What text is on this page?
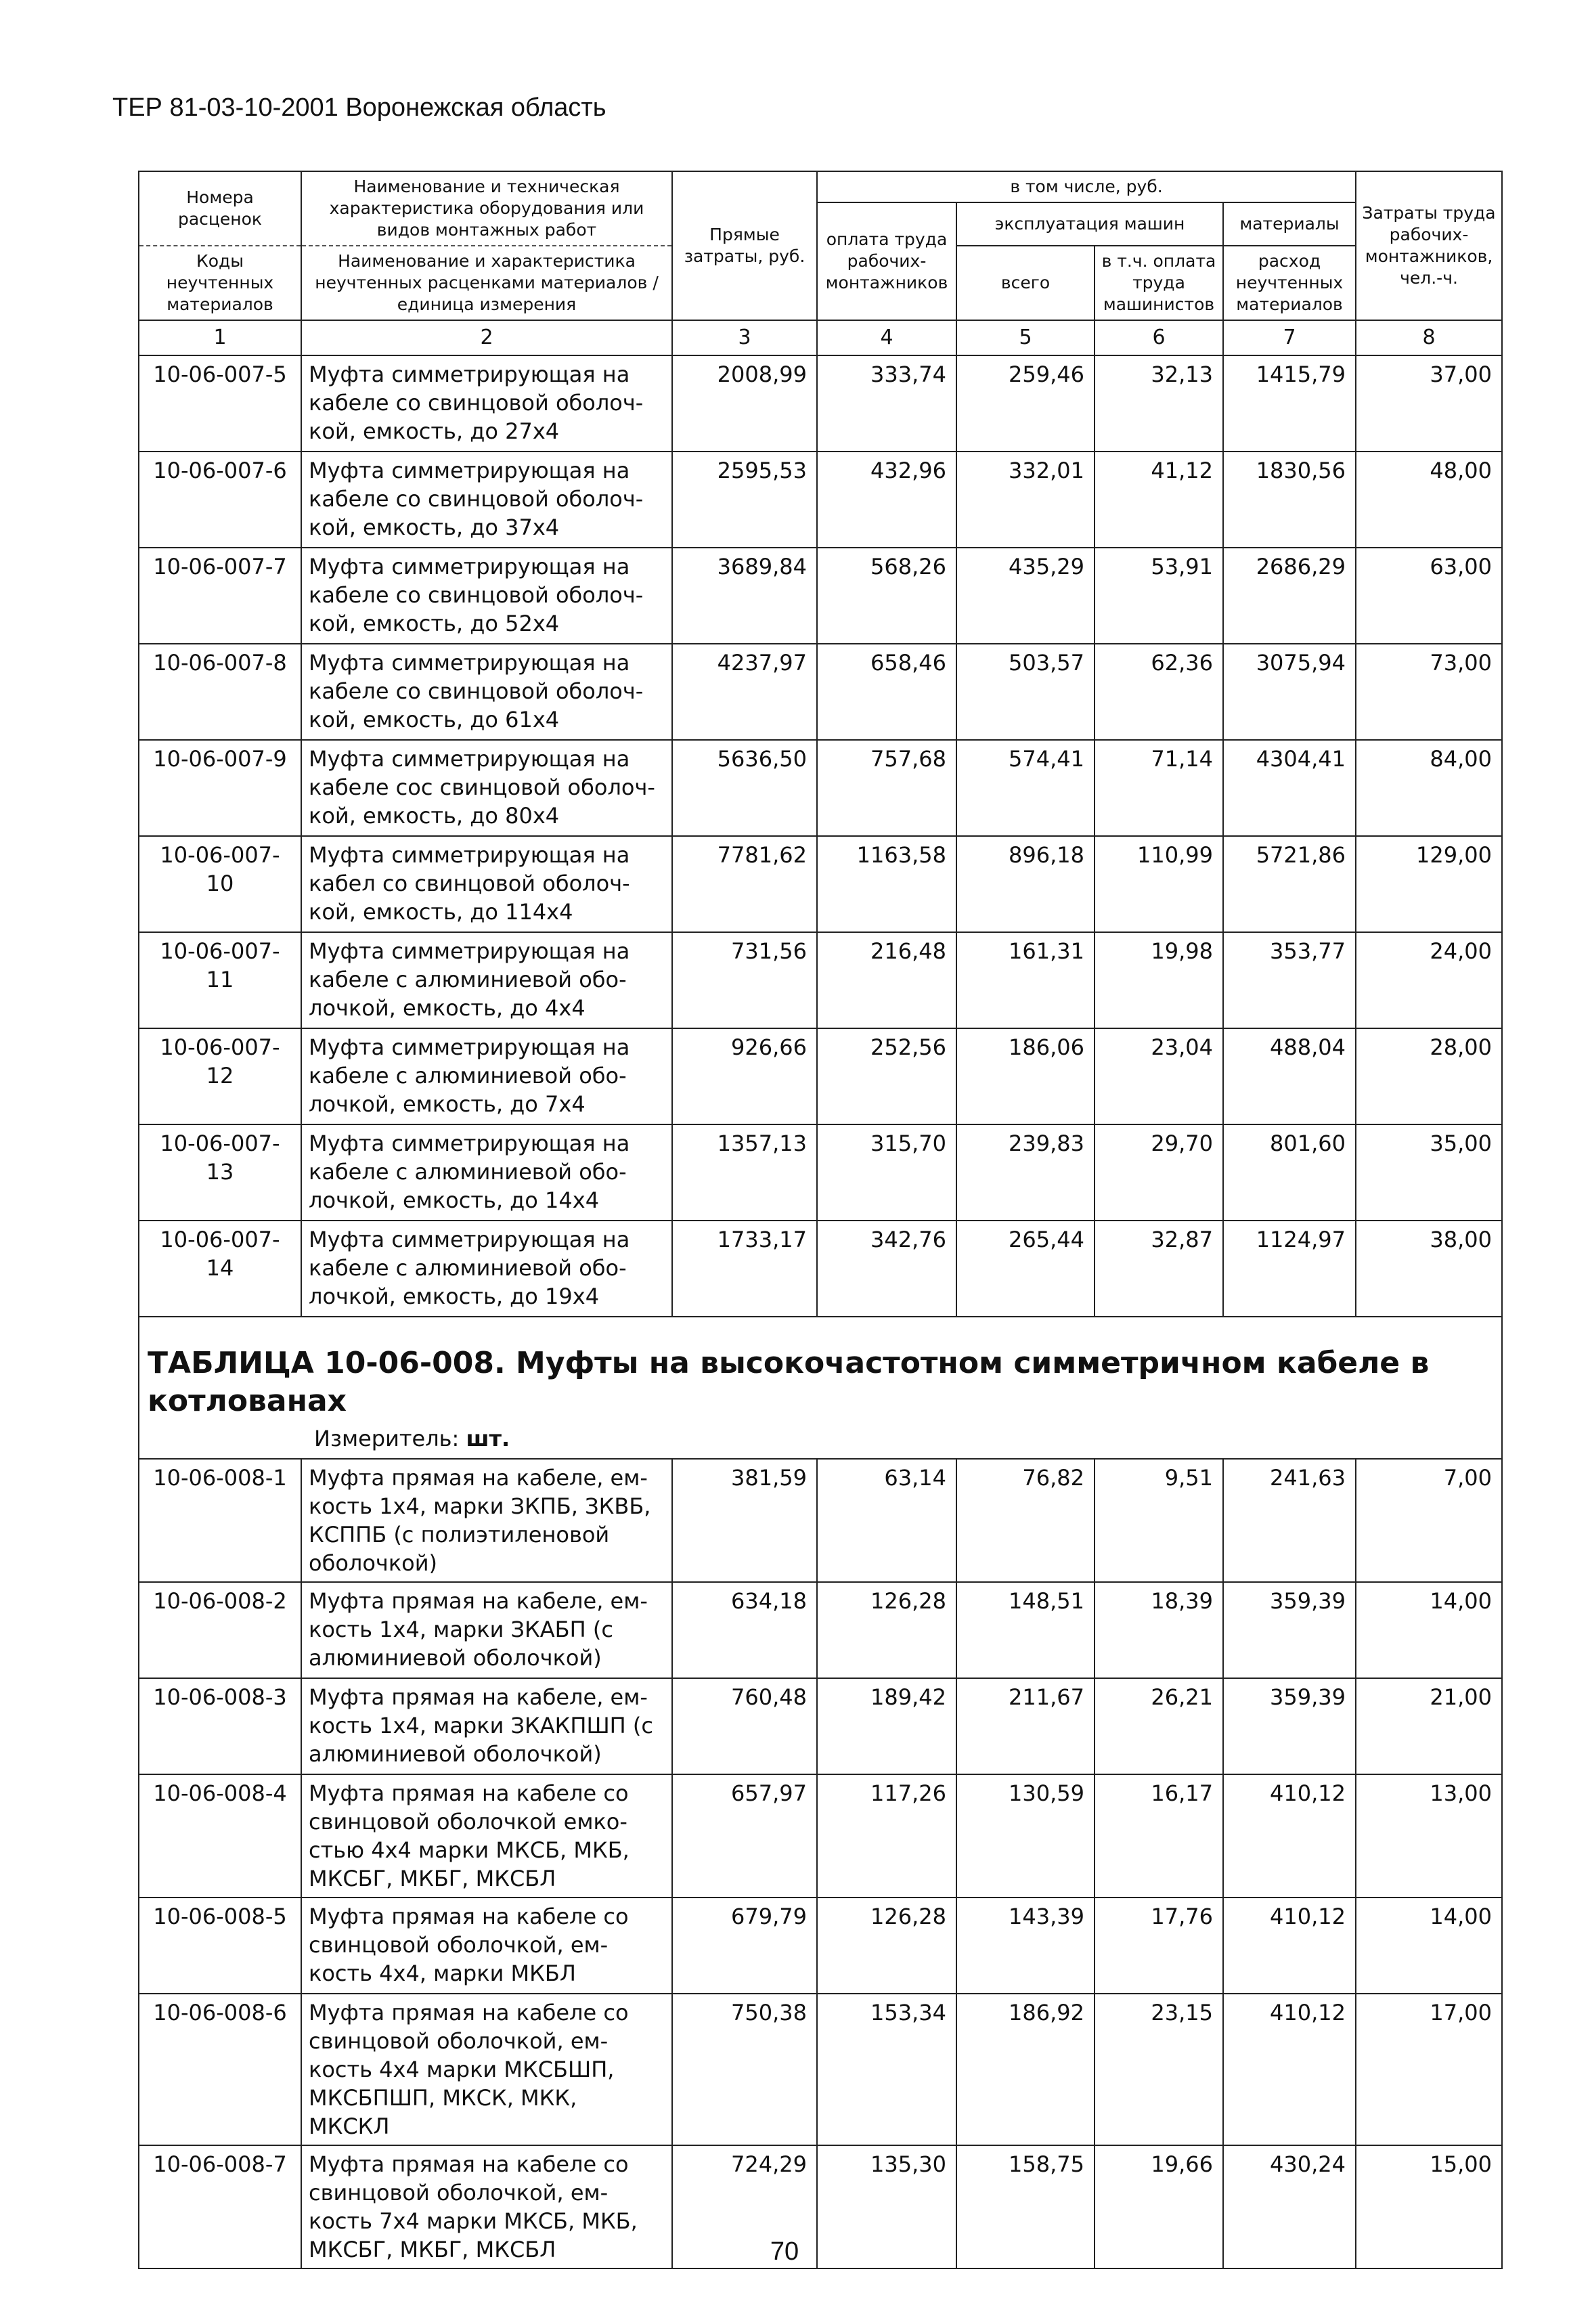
ТЕР 81-03-10-2001 Воронежская область
Номера расценок	Наименование и техническая характеристика оборудования или видов монтажных работ	Прямые затраты, руб.	в том числе, руб.				Затраты труда рабочих-монтажников, чел.-ч.
			оплата труда рабочих-монтажников	эксплуатация машин		материалы	
Коды неучтенных материалов	Наименование и характеристика неучтенных расценками материалов / единица измерения			всего	в т.ч. оплата труда машинистов	расход неучтенных материалов	

1	2	3	4	5	6	7	8

10-06-007-5	Муфта симметрирующая на
кабеле со свинцовой оболоч-
кой, емкость, до 27х4	2008,99	333,74	259,46	32,13	1415,79	37,00

10-06-007-6	Муфта симметрирующая на
кабеле со свинцовой оболоч-
кой, емкость, до 37х4	2595,53	432,96	332,01	41,12	1830,56	48,00

10-06-007-7	Муфта симметрирующая на
кабеле со свинцовой оболоч-
кой, емкость, до 52х4	3689,84	568,26	435,29	53,91	2686,29	63,00

10-06-007-8	Муфта симметрирующая на
кабеле со свинцовой оболоч-
кой, емкость, до 61х4	4237,97	658,46	503,57	62,36	3075,94	73,00

10-06-007-9	Муфта симметрирующая на
кабеле сос свинцовой оболоч-
кой, емкость, до 80х4	5636,50	757,68	574,41	71,14	4304,41	84,00

10-06-007-
10	Муфта симметрирующая на
кабел со свинцовой оболоч-
кой, емкость, до 114х4	7781,62	1163,58	896,18	110,99	5721,86	129,00

10-06-007-
11	Муфта симметрирующая на
кабеле с алюминиевой обо-
лочкой, емкость, до 4х4	731,56	216,48	161,31	19,98	353,77	24,00

10-06-007-
12	Муфта симметрирующая на
кабеле с алюминиевой обо-
лочкой, емкость, до 7х4	926,66	252,56	186,06	23,04	488,04	28,00

10-06-007-
13	Муфта симметрирующая на
кабеле с алюминиевой обо-
лочкой, емкость, до 14х4	1357,13	315,70	239,83	29,70	801,60	35,00

10-06-007-
14	Муфта симметрирующая на
кабеле с алюминиевой обо-
лочкой, емкость, до 19х4	1733,17	342,76	265,44	32,87	1124,97	38,00
ТАБЛИЦА 10-06-008. Муфты на высокочастотном симметричном кабеле в котлованах							

Измеритель: шт.							

10-06-008-1	Муфта прямая на кабеле, ем-
кость 1х4, марки ЗКПБ, ЗКВБ,
КСППБ (с полиэтиленовой
оболочкой)	381,59	63,14	76,82	9,51	241,63	7,00

10-06-008-2	Муфта прямая на кабеле, ем-
кость 1х4, марки ЗКАБП (с
алюминиевой оболочкой)	634,18	126,28	148,51	18,39	359,39	14,00

10-06-008-3	Муфта прямая на кабеле, ем-
кость 1х4, марки ЗКАКПШП (с
алюминиевой оболочкой)	760,48	189,42	211,67	26,21	359,39	21,00

10-06-008-4	Муфта прямая на кабеле со
свинцовой оболочкой емко-
стью 4х4 марки МКСБ, МКБ,
МКСБГ, МКБГ, МКСБЛ	657,97	117,26	130,59	16,17	410,12	13,00

10-06-008-5	Муфта прямая на кабеле со
свинцовой оболочкой, ем-
кость 4х4, марки МКБЛ	679,79	126,28	143,39	17,76	410,12	14,00

10-06-008-6	Муфта прямая на кабеле со
свинцовой оболочкой, ем-
кость 4х4 марки МКСБШП,
МКСБПШП, МКСК, МКК,
МКСКЛ	750,38	153,34	186,92	23,15	410,12	17,00

10-06-008-7	Муфта прямая на кабеле со
свинцовой оболочкой, ем-
кость 7х4 марки МКСБ, МКБ,
МКСБГ, МКБГ, МКСБЛ	724,29	135,30	158,75	19,66	430,24	15,00
70
